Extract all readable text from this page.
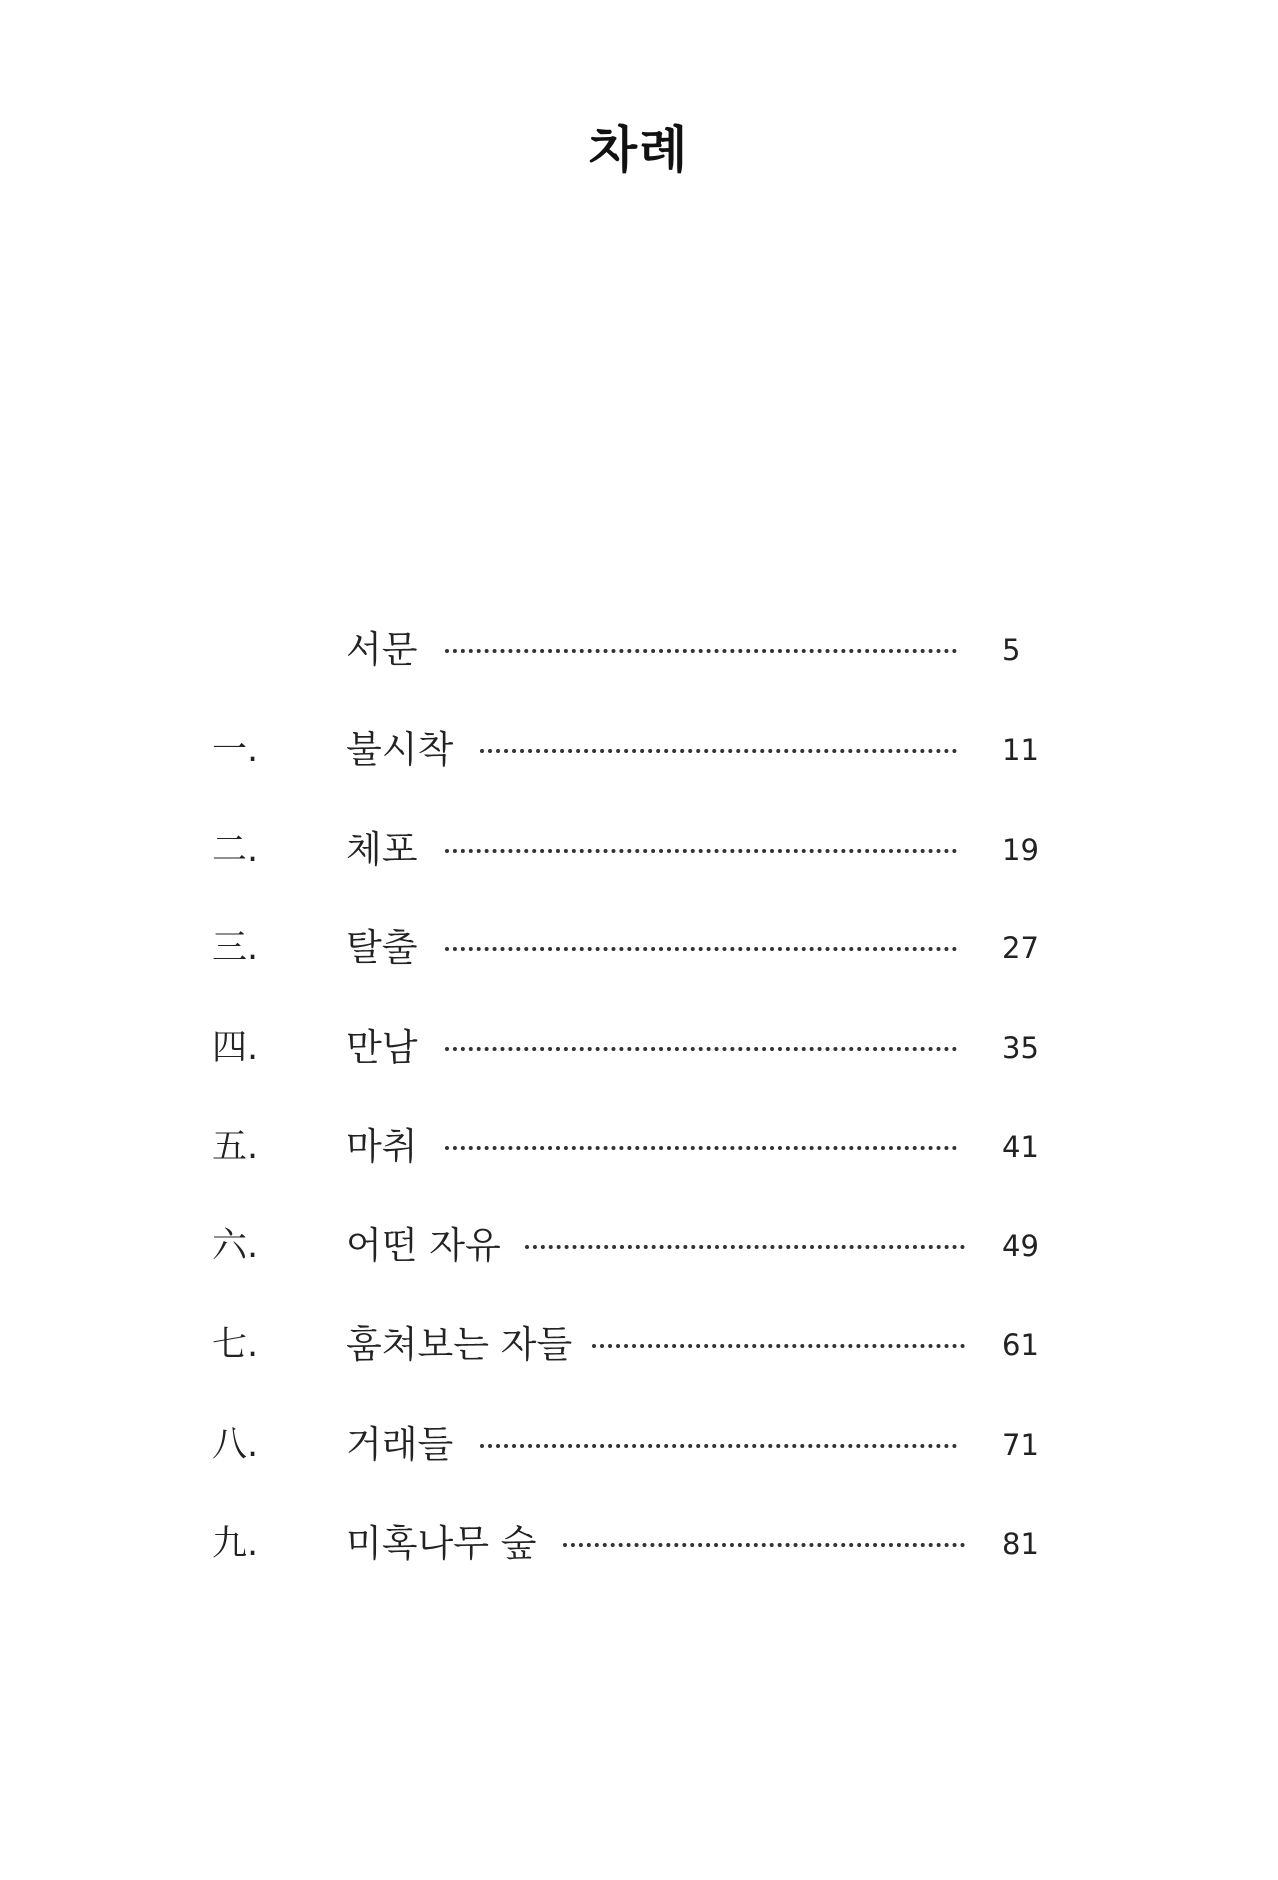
차례
서문	5
一. 불시착	11
二. 체포	19
三. 탈출	27
四. 만남	35
五. 마취	41
六. 어떤 자유	49
七. 훔쳐보는 자들	61
八. 거래들	71
九. 미혹나무 숲	81
